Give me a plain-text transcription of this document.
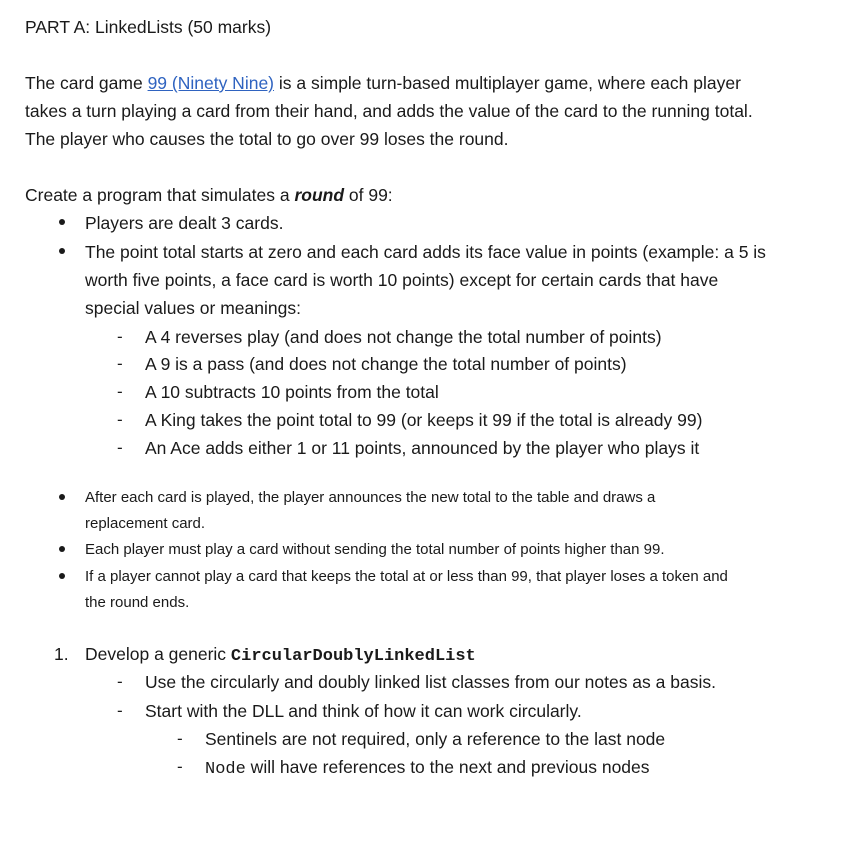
PART A: LinkedLists (50 marks)
The card game 99 (Ninety Nine) is a simple turn-based multiplayer game, where each player
takes a turn playing a card from their hand, and adds the value of the card to the running total.
The player who causes the total to go over 99 loses the round.
Create a program that simulates a round of 99:
Players are dealt 3 cards.
The point total starts at zero and each card adds its face value in points (example: a 5 is
worth five points, a face card is worth 10 points) except for certain cards that have
special values or meanings:
- A 4 reverses play (and does not change the total number of points)
- A 9 is a pass (and does not change the total number of points)
- A 10 subtracts 10 points from the total
- A King takes the point total to 99 (or keeps it 99 if the total is already 99)
- An Ace adds either 1 or 11 points, announced by the player who plays it
After each card is played, the player announces the new total to the table and draws a
replacement card.
Each player must play a card without sending the total number of points higher than 99.
If a player cannot play a card that keeps the total at or less than 99, that player loses a token and
the round ends.
1. Develop a generic CircularDoublyLinkedList
- Use the circularly and doubly linked list classes from our notes as a basis.
- Start with the DLL and think of how it can work circularly.
- Sentinels are not required, only a reference to the last node
- Node will have references to the next and previous nodes
